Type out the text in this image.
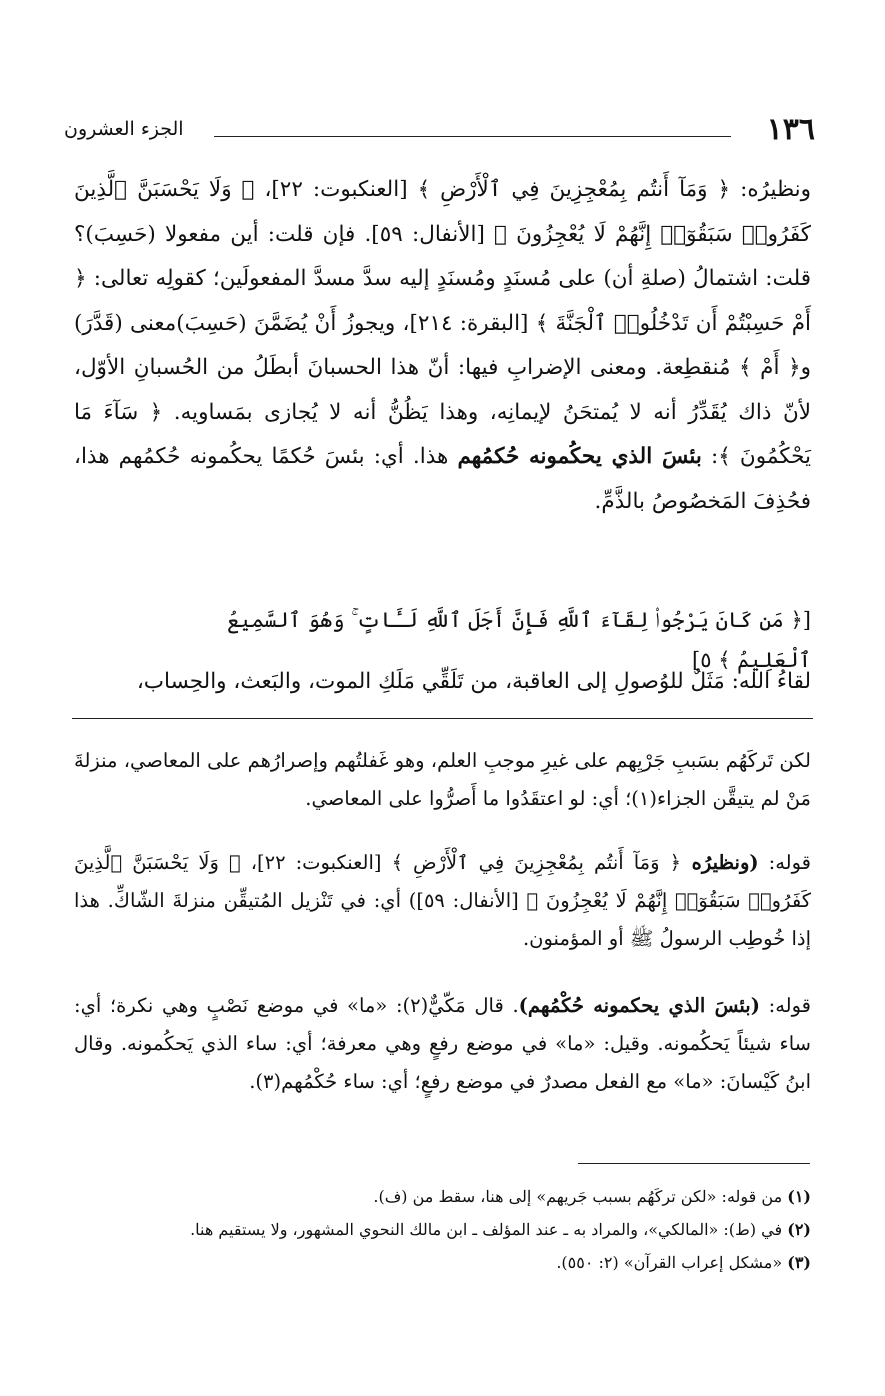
١٣٦
الجزء العشرون
ونظيرُه: ﴿ وَمَآ أَنتُم بِمُعْجِزِينَ فِي ٱلْأَرْضِ ﴾ [العنكبوت: ٢٢]، ﴿ وَلَا يَحْسَبَنَّ ٱلَّذِينَ كَفَرُوا۟ سَبَقُوٓا۟ إِنَّهُمْ لَا يُعْجِزُونَ ﴾ [الأنفال: ٥٩]. فإن قلت: أين مفعولا (حَسِبَ)؟ قلت: اشتمالُ (صلةِ أن) على مُسنَدٍ ومُسنَدٍ إليه سدَّ مسدَّ المفعولَين؛ كقولِه تعالى: ﴿ أَمْ حَسِبْتُمْ أَن تَدْخُلُوا۟ ٱلْجَنَّةَ ﴾ [البقرة: ٢١٤]، ويجوزُ أَنْ يُضَمَّنَ (حَسِبَ)معنى (قَدَّرَ) و﴿ أَمْ ﴾ مُنقطِعة. ومعنى الإضرابِ فيها: أنّ هذا الحسبانَ أبطَلُ من الحُسبانِ الأوّل، لأنّ ذاك يُقَدِّرُ أنه لا يُمتحَنُ لإيمانِه، وهذا يَظُنُّ أنه لا يُجازى بمَساويه. ﴿ سَآءَ مَا يَحْكُمُونَ ﴾: بئسَ الذي يحكُمونه حُكمُهم هذا. أي: بئسَ حُكمًا يحكُمونه حُكمُهم هذا، فحُذِفَ المَخصُوصُ بالذَّمِّ.
[﴿ مَن كَانَ يَرْجُوا۟ لِقَآءَ ٱللَّهِ فَإِنَّ أَجَلَ ٱللَّهِ لَـَٔاتٍ ۚ وَهُوَ ٱلسَّمِيعُ ٱلْعَلِيمُ ﴾ ٥]
لقاءُ الله: مَثَلٌ للوُصولِ إلى العاقبة، من تَلَقِّي مَلَكِ الموت، والبَعث، والحِساب،
لكن تَركَهُم بسَببِ جَرْيِهم على غيرِ موجبِ العلم، وهو غَفلتُهم وإصرارُهم على المعاصي، منزلةَ مَنْ لم يتيقَّن الجزاء(١)؛ أي: لو اعتقَدُوا ما أَصرُّوا على المعاصي.
قوله: (ونظيرُه ﴿ وَمَآ أَنتُم بِمُعْجِزِينَ فِي ٱلْأَرْضِ ﴾ [العنكبوت: ٢٢]، ﴿ وَلَا يَحْسَبَنَّ ٱلَّذِينَ كَفَرُوا۟ سَبَقُوٓا۟ إِنَّهُمْ لَا يُعْجِزُونَ ﴾ [الأنفال: ٥٩]) أي: في تَنْزيل المُتيقِّن منزلةَ الشّاكِّ. هذا إذا خُوطِب الرسولُ ﷺ أو المؤمنون.
قوله: (بئسَ الذي يحكمونه حُكْمُهم). قال مَكّيٌّ(٢): «ما» في موضع نَصْبٍ وهي نكرة؛ أي: ساء شيئاً يَحكُمونه. وقيل: «ما» في موضع رفعٍ وهي معرفة؛ أي: ساء الذي يَحكُمونه. وقال ابنُ كَيْسانَ: «ما» مع الفعل مصدرٌ في موضع رفعٍ؛ أي: ساء حُكْمُهم(٣).
(١) من قوله: «لكن تركَهُم بسبب جَريهم» إلى هنا، سقط من (ف).
(٢) في (ط): «المالكي»، والمراد به ـ عند المؤلف ـ ابن مالك النحوي المشهور، ولا يستقيم هنا.
(٣) «مشكل إعراب القرآن» (٢: ٥٥٠).
